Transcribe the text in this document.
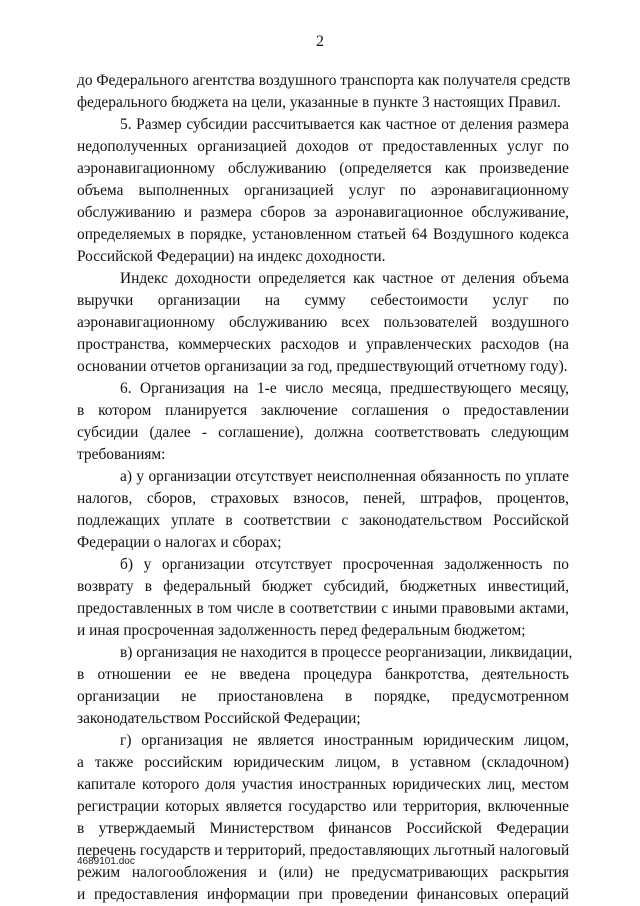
2
до Федерального агентства воздушного транспорта как получателя средств
федерального бюджета на цели, указанные в пункте 3 настоящих Правил.
5. Размер субсидии рассчитывается как частное от деления размера
недополученных организацией доходов от предоставленных услуг по
аэронавигационному обслуживанию (определяется как произведение
объема выполненных организацией услуг по аэронавигационному
обслуживанию и размера сборов за аэронавигационное обслуживание,
определяемых в порядке, установленном статьей 64 Воздушного кодекса
Российской Федерации) на индекс доходности.
Индекс доходности определяется как частное от деления объема
выручки организации на сумму себестоимости услуг по
аэронавигационному обслуживанию всех пользователей воздушного
пространства, коммерческих расходов и управленческих расходов (на
основании отчетов организации за год, предшествующий отчетному году).
6. Организация на 1-е число месяца, предшествующего месяцу,
в котором планируется заключение соглашения о предоставлении
субсидии (далее - соглашение), должна соответствовать следующим
требованиям:
а) у организации отсутствует неисполненная обязанность по уплате
налогов, сборов, страховых взносов, пеней, штрафов, процентов,
подлежащих уплате в соответствии с законодательством Российской
Федерации о налогах и сборах;
б) у организации отсутствует просроченная задолженность по
возврату в федеральный бюджет субсидий, бюджетных инвестиций,
предоставленных в том числе в соответствии с иными правовыми актами,
и иная просроченная задолженность перед федеральным бюджетом;
в) организация не находится в процессе реорганизации, ликвидации,
в отношении ее не введена процедура банкротства, деятельность
организации не приостановлена в порядке, предусмотренном
законодательством Российской Федерации;
г) организация не является иностранным юридическим лицом,
а также российским юридическим лицом, в уставном (складочном)
капитале которого доля участия иностранных юридических лиц, местом
регистрации которых является государство или территория, включенные
в утверждаемый Министерством финансов Российской Федерации
перечень государств и территорий, предоставляющих льготный налоговый
режим налогообложения и (или) не предусматривающих раскрытия
и предоставления информации при проведении финансовых операций
4689101.doc
